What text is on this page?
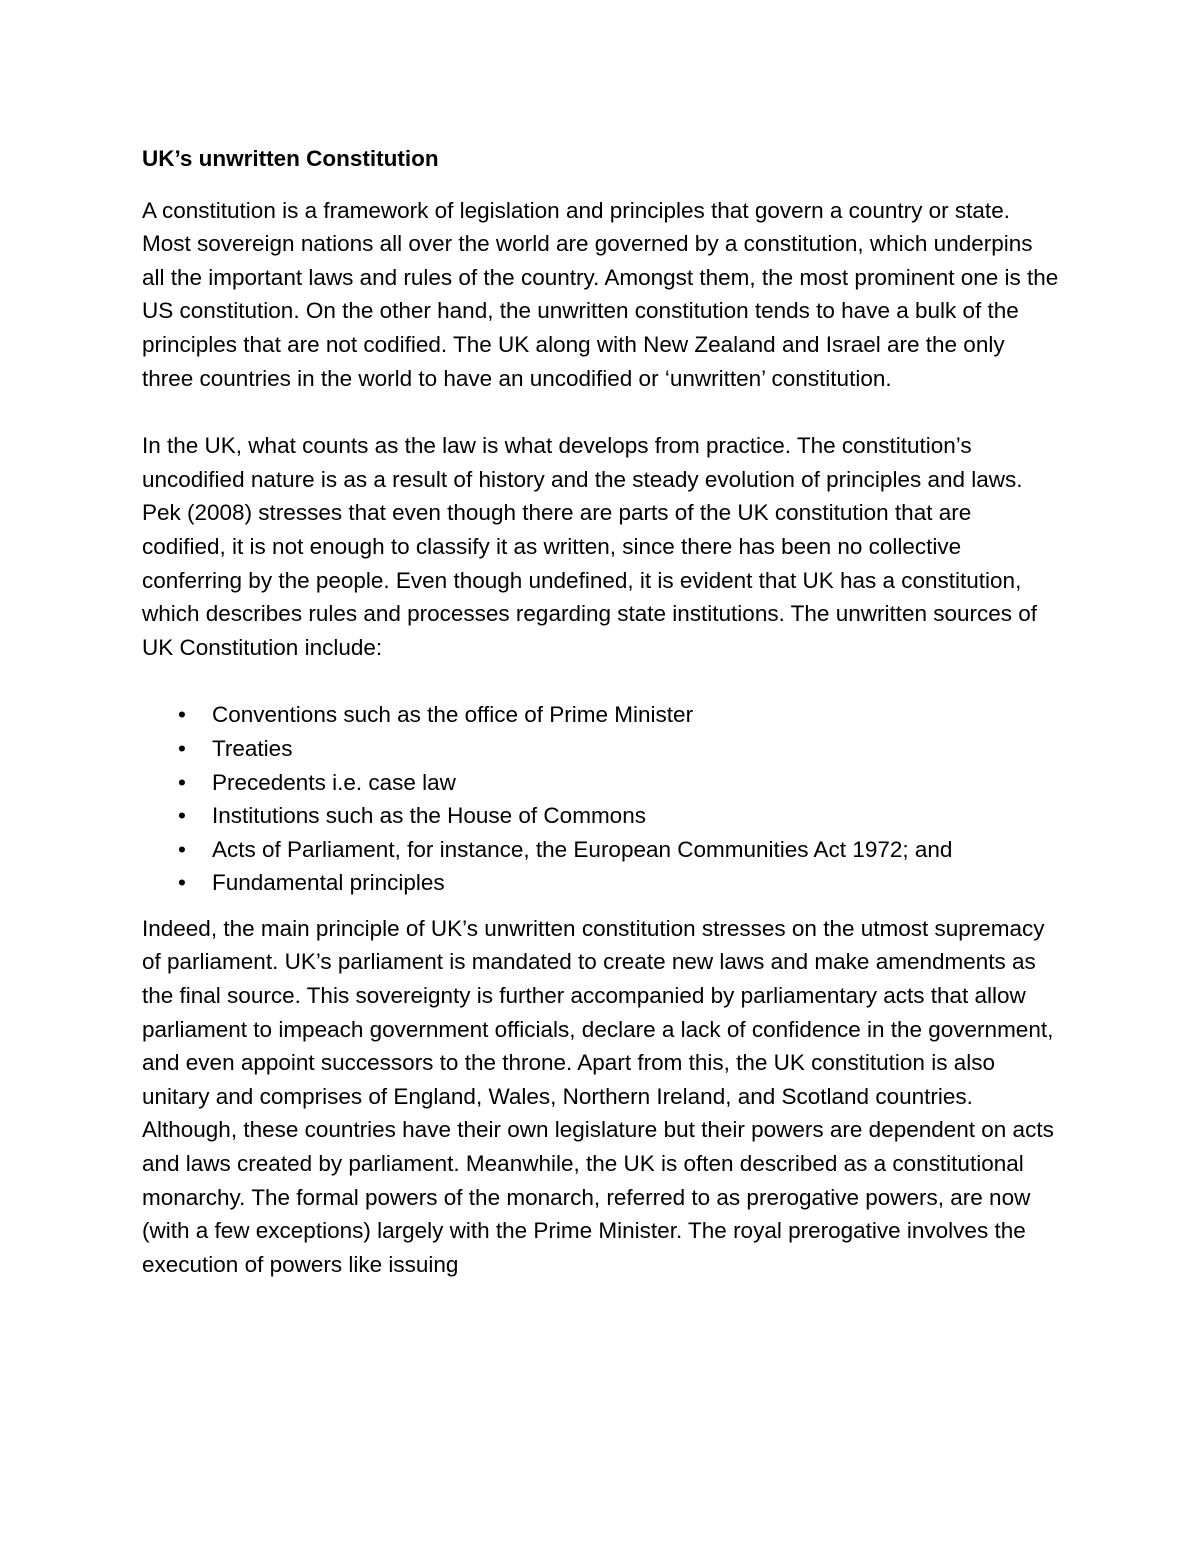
UK’s unwritten Constitution

A constitution is a framework of legislation and principles that govern a country or state. Most sovereign nations all over the world are governed by a constitution, which underpins all the important laws and rules of the country. Amongst them, the most prominent one is the US constitution. On the other hand, the unwritten constitution tends to have a bulk of the principles that are not codified. The UK along with New Zealand and Israel are the only three countries in the world to have an uncodified or ‘unwritten’ constitution.

In the UK, what counts as the law is what develops from practice. The constitution’s uncodified nature is as a result of history and the steady evolution of principles and laws. Pek (2008) stresses that even though there are parts of the UK constitution that are codified, it is not enough to classify it as written, since there has been no collective conferring by the people. Even though undefined, it is evident that UK has a constitution, which describes rules and processes regarding state institutions. The unwritten sources of UK Constitution include:

• Conventions such as the office of Prime Minister
• Treaties
• Precedents i.e. case law
• Institutions such as the House of Commons
• Acts of Parliament, for instance, the European Communities Act 1972; and
• Fundamental principles

Indeed, the main principle of UK’s unwritten constitution stresses on the utmost supremacy of parliament. UK’s parliament is mandated to create new laws and make amendments as the final source. This sovereignty is further accompanied by parliamentary acts that allow parliament to impeach government officials, declare a lack of confidence in the government, and even appoint successors to the throne. Apart from this, the UK constitution is also unitary and comprises of England, Wales, Northern Ireland, and Scotland countries. Although, these countries have their own legislature but their powers are dependent on acts and laws created by parliament. Meanwhile, the UK is often described as a constitutional monarchy. The formal powers of the monarch, referred to as prerogative powers, are now (with a few exceptions) largely with the Prime Minister. The royal prerogative involves the execution of powers like issuing
